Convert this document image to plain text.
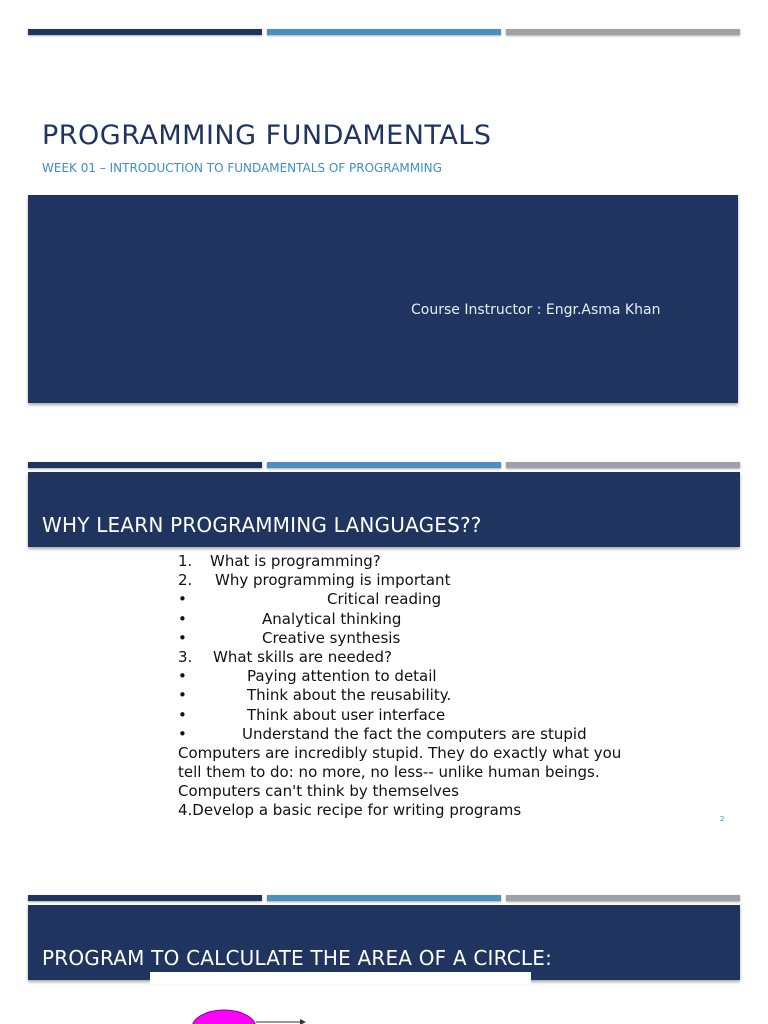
PROGRAMMING FUNDAMENTALS

WEEK 01 – INTRODUCTION TO FUNDAMENTALS OF PROGRAMMING

Course Instructor : Engr.Asma Khan

WHY LEARN PROGRAMMING LANGUAGES??
1. What is programming?
2. Why programming is important
•	Critical reading
•	Analytical thinking
•	Creative synthesis
3. What skills are needed?
•	Paying attention to detail
•	Think about the reusability.
•	Think about user interface
•	Understand the fact the computers are stupid
Computers are incredibly stupid. They do exactly what you
tell them to do: no more, no less-- unlike human beings.
Computers can't think by themselves
4.Develop a basic recipe for writing programs	2

PROGRAM TO CALCULATE THE AREA OF A CIRCLE:
